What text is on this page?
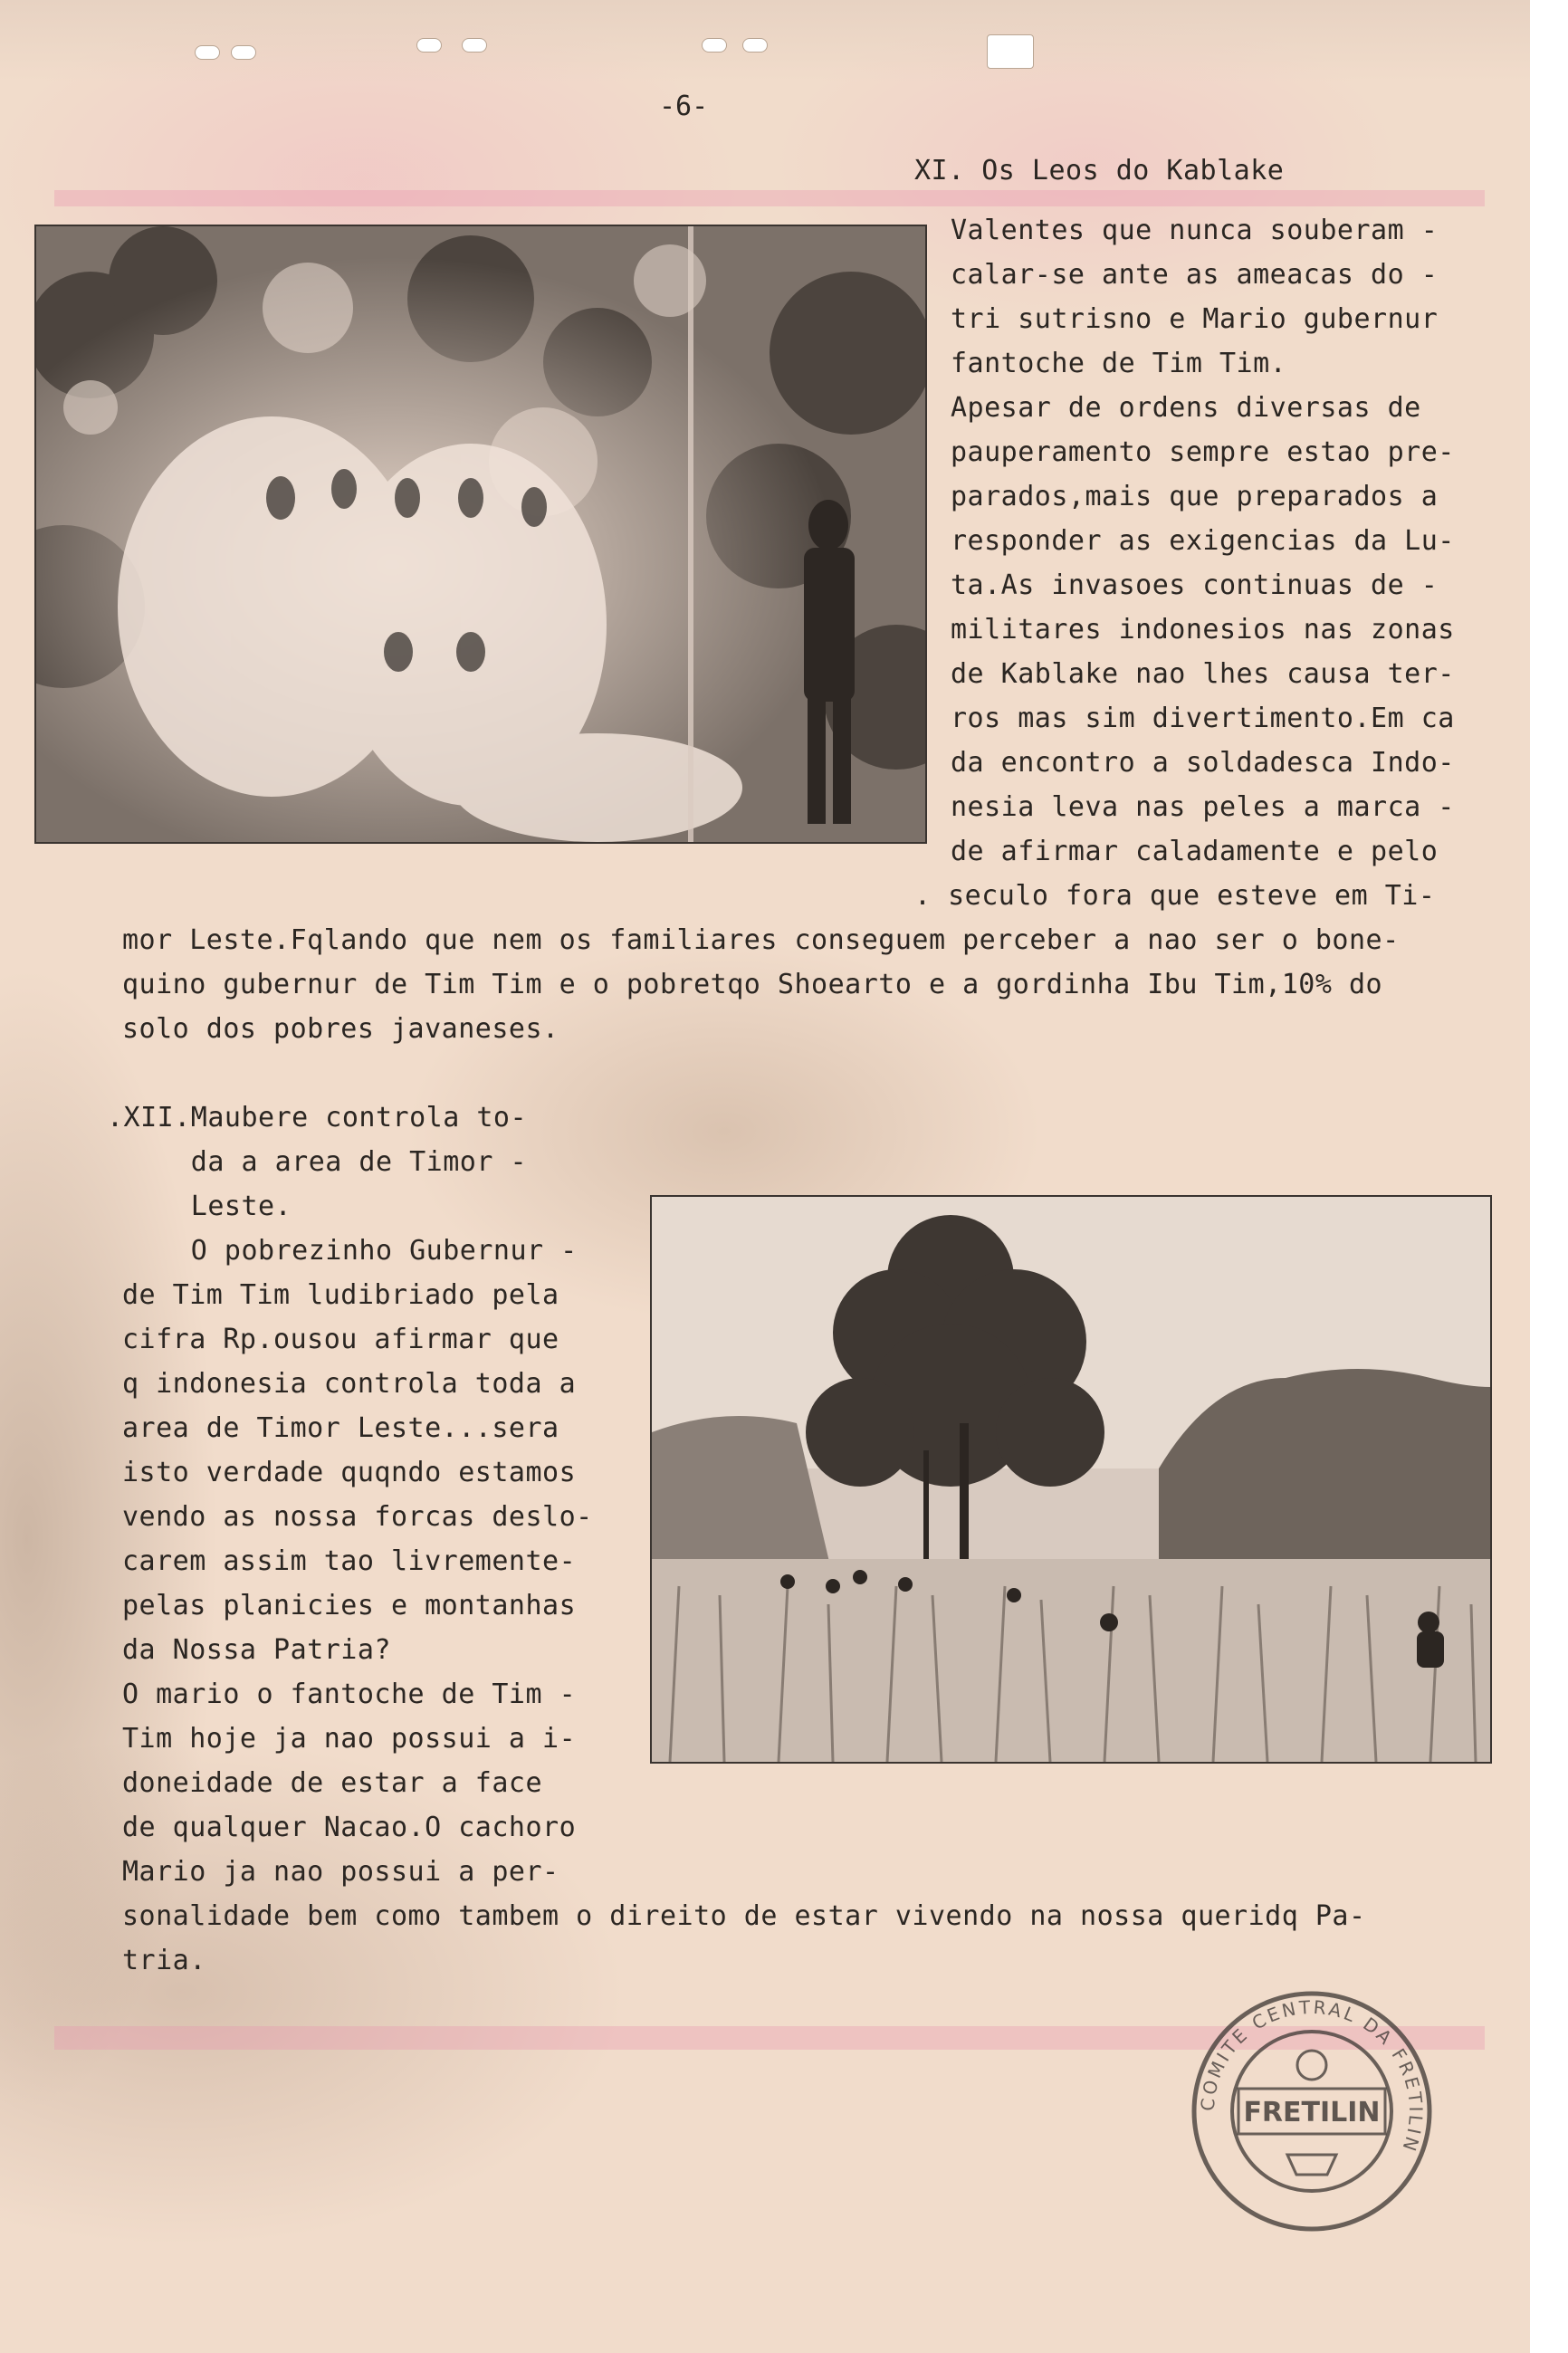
-6-
XI. Os Leos do Kablake
Valentes que nunca souberam -
calar-se ante as ameacas do -
tri sutrisno e Mario gubernur
fantoche de Tim Tim.
Apesar de ordens diversas de
pauperamento sempre estao pre-
parados,mais que preparados a
responder as exigencias da Lu-
ta.As invasoes continuas de -
militares indonesios nas zonas
de Kablake nao lhes causa ter-
ros mas sim divertimento.Em ca
da encontro a soldadesca Indo-
nesia leva nas peles a marca -
de afirmar caladamente e pelo
. seculo fora que esteve em Ti-
mor Leste.Fqlando que nem os familiares conseguem perceber a nao ser o bone-
quino gubernur de Tim Tim e o pobretqo Shoearto e a gordinha Ibu Tim,10% do
solo dos pobres javaneses.
.XII.Maubere controla to-
da a area de Timor -
Leste.
O pobrezinho Gubernur -
de Tim Tim ludibriado pela
cifra Rp.ousou afirmar que
q indonesia controla toda a
area de Timor Leste...sera
isto verdade quqndo estamos
vendo as nossa forcas deslo-
carem assim tao livremente-
pelas planicies e montanhas
da Nossa Patria?
O mario o fantoche de Tim -
Tim hoje ja nao possui a i-
doneidade de estar a face
de qualquer Nacao.O cachoro
Mario ja nao possui a per-
sonalidade bem como tambem o direito de estar vivendo na nossa queridq Pa-
tria.
COMITE CENTRAL DA FRETILIN
FRETILIN
